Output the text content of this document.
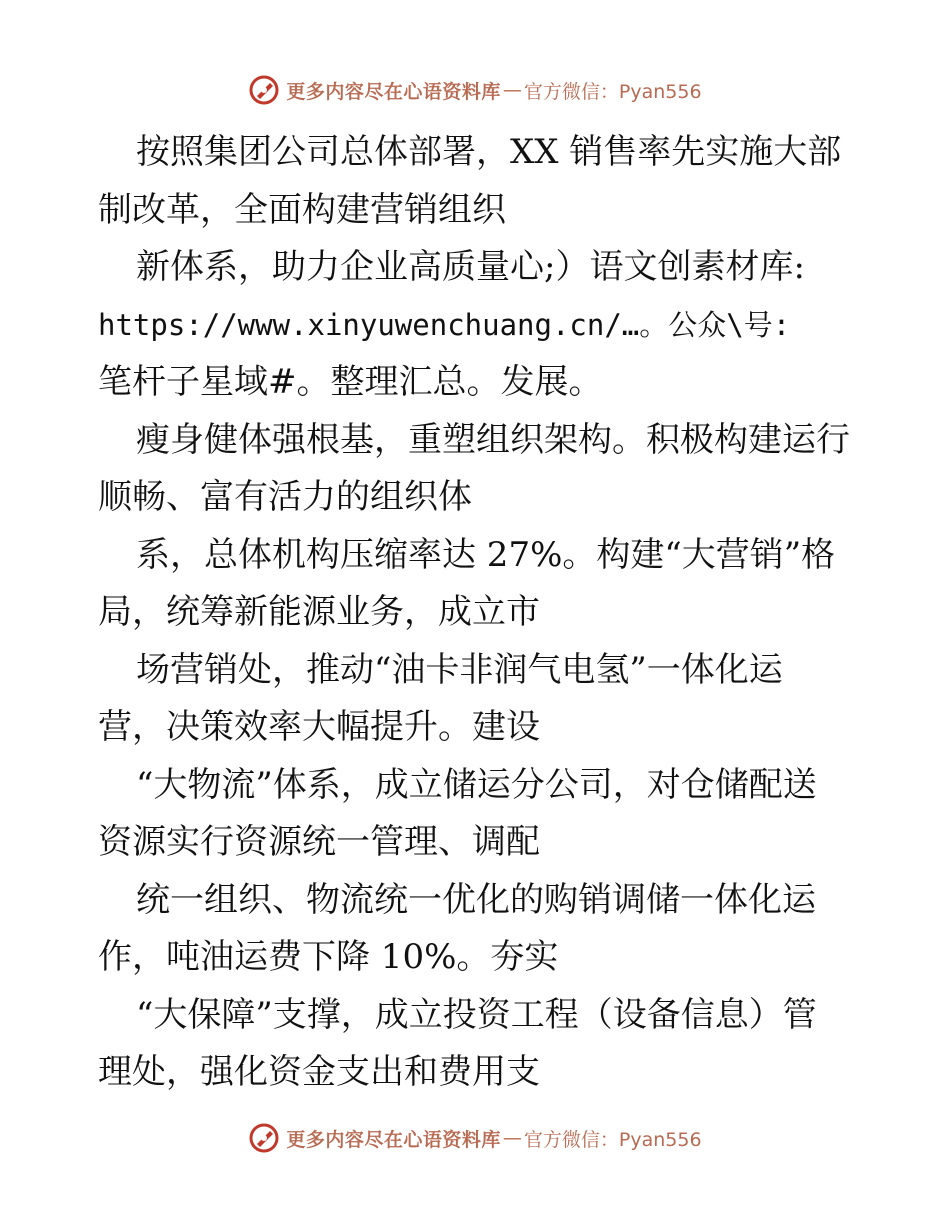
更多内容尽在心语资料库 — 官方微信：Pyan556
按照集团公司总体部署，XX 销售率先实施大部
制改革，全面构建营销组织
新体系，助力企业高质量心;）语文创素材库:
https://www.xinyuwenchuang.cn/…。公众\号:
笔杆子星域#。整理汇总。发展。
瘦身健体强根基，重塑组织架构。积极构建运行
顺畅、富有活力的组织体
系，总体机构压缩率达 27%。构建“大营销”格
局，统筹新能源业务，成立市
场营销处，推动“油卡非润气电氢”一体化运
营，决策效率大幅提升。建设
“大物流”体系，成立储运分公司，对仓储配送
资源实行资源统一管理、调配
统一组织、物流统一优化的购销调储一体化运
作，吨油运费下降 10%。夯实
“大保障”支撑，成立投资工程（设备信息）管
理处，强化资金支出和费用支
更多内容尽在心语资料库 — 官方微信：Pyan556
